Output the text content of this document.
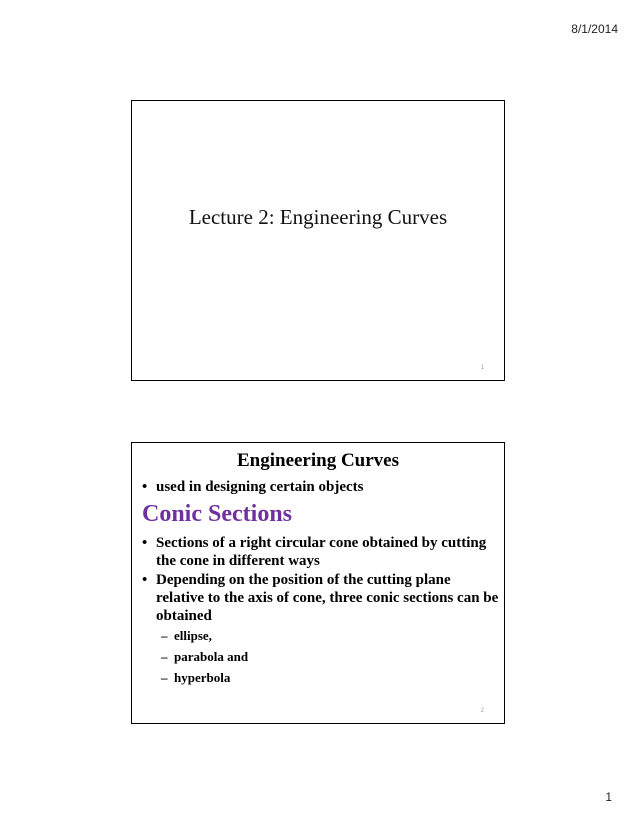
8/1/2014
Lecture 2: Engineering Curves
1
Engineering Curves
• used in designing certain objects
Conic Sections
• Sections of a right circular cone obtained by cutting the cone in different ways
• Depending on the position of the cutting plane relative to the axis of cone, three conic sections can be obtained
– ellipse,
– parabola and
– hyperbola
2
1
